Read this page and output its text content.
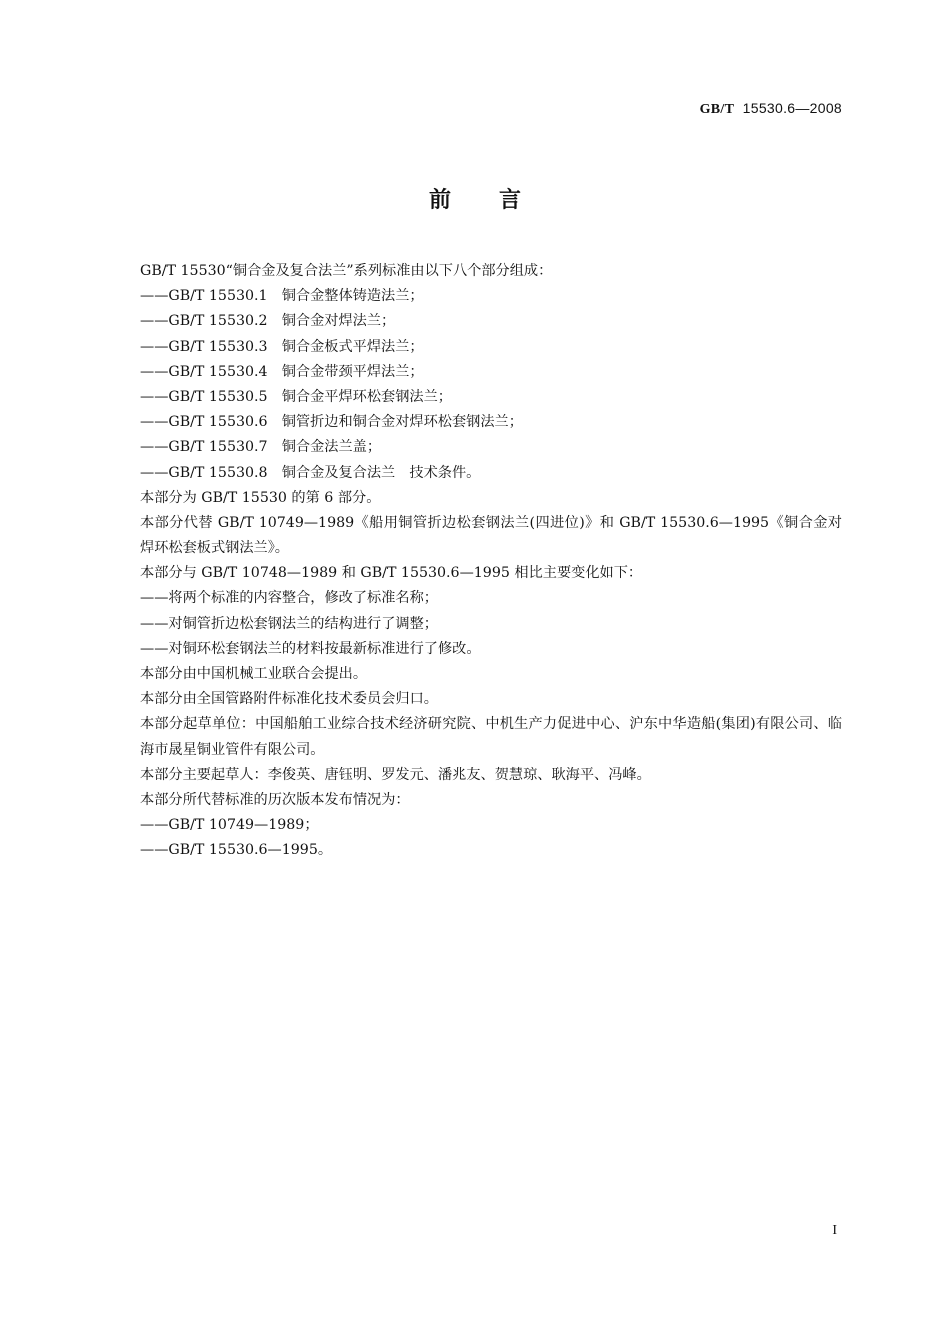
GB/T 15530.6—2008
前言
GB/T 15530“铜合金及复合法兰”系列标准由以下八个部分组成：
——GB/T 15530.1　铜合金整体铸造法兰；
——GB/T 15530.2　铜合金对焊法兰；
——GB/T 15530.3　铜合金板式平焊法兰；
——GB/T 15530.4　铜合金带颈平焊法兰；
——GB/T 15530.5　铜合金平焊环松套钢法兰；
——GB/T 15530.6　铜管折边和铜合金对焊环松套钢法兰；
——GB/T 15530.7　铜合金法兰盖；
——GB/T 15530.8　铜合金及复合法兰　技术条件。
本部分为 GB/T 15530 的第 6 部分。
本部分代替 GB/T 10749—1989《船用铜管折边松套钢法兰(四进位)》和 GB/T 15530.6—1995《铜合金对焊环松套板式钢法兰》。
本部分与 GB/T 10748—1989 和 GB/T 15530.6—1995 相比主要变化如下：
——将两个标准的内容整合，修改了标准名称；
——对铜管折边松套钢法兰的结构进行了调整；
——对铜环松套钢法兰的材料按最新标准进行了修改。
本部分由中国机械工业联合会提出。
本部分由全国管路附件标准化技术委员会归口。
本部分起草单位：中国船舶工业综合技术经济研究院、中机生产力促进中心、沪东中华造船(集团)有限公司、临海市晟星铜业管件有限公司。
本部分主要起草人：李俊英、唐钰明、罗发元、潘兆友、贺慧琼、耿海平、冯峰。
本部分所代替标准的历次版本发布情况为：
——GB/T 10749—1989；
——GB/T 15530.6—1995。
I
